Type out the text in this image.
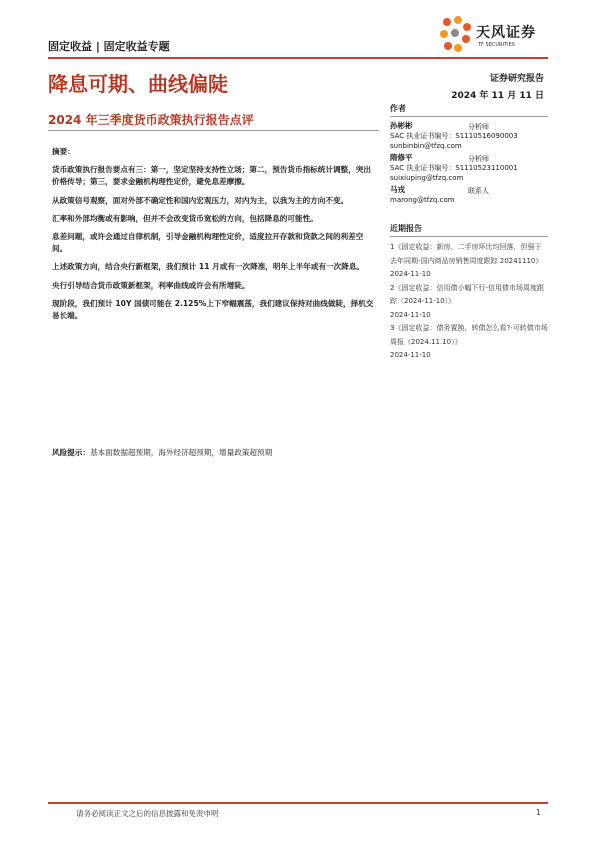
固定收益 | 固定收益专题
天风证券
TF SECURITIES
降息可期、曲线偏陡
2024 年三季度货币政策执行报告点评
证券研究报告
2024 年 11 月 11 日

摘要：

货币政策执行报告要点有三：第一，坚定坚持支持性立场；第二，预告货币指标统计调整，突出价格传导；第三，要求金融机构理性定价，避免息差摩擦。

从政策信号观察，面对外部不确定性和国内宏观压力，对内为主，以我为主的方向不变。

汇率和外部均衡或有影响，但并不会改变货币宽松的方向，包括降息的可能性。

息差问题，或许会通过自律机制，引导金融机构理性定价，适度拉开存款和贷款之间的利差空间。

上述政策方向，结合央行新框架，我们预计 11 月或有一次降准，明年上半年或有一次降息。

央行引导结合货币政策新框架，利率曲线或许会有所增陡。

现阶段，我们预计 10Y 国债可能在 2.125%上下窄幅震荡，我们建议保持对曲线做陡，择机交易长端。

风险提示：基本面数据超预期，海外经济超预期，增量政策超预期
作者
孙彬彬	分析师
SAC 执业证书编号：S1110516090003
sunbinbin@tfzq.com
隋修平	分析师
SAC 执业证书编号：S1110523110001
suixiuping@tfzq.com
马戎	联系人
marong@tfzq.com
近期报告
1《固定收益：新房、二手房环比均回落，但强于去年同期-国内商品房销售周度跟踪 20241110》
2024-11-10
2《固定收益：信用债小幅下行-信用债市场周度跟踪（2024-11-10）》
2024-11-10
3《固定收益：债务置换，转债怎么看?-可转债市场周报（2024.11.10）》
2024-11-10
请务必阅读正文之后的信息披露和免责申明	1
